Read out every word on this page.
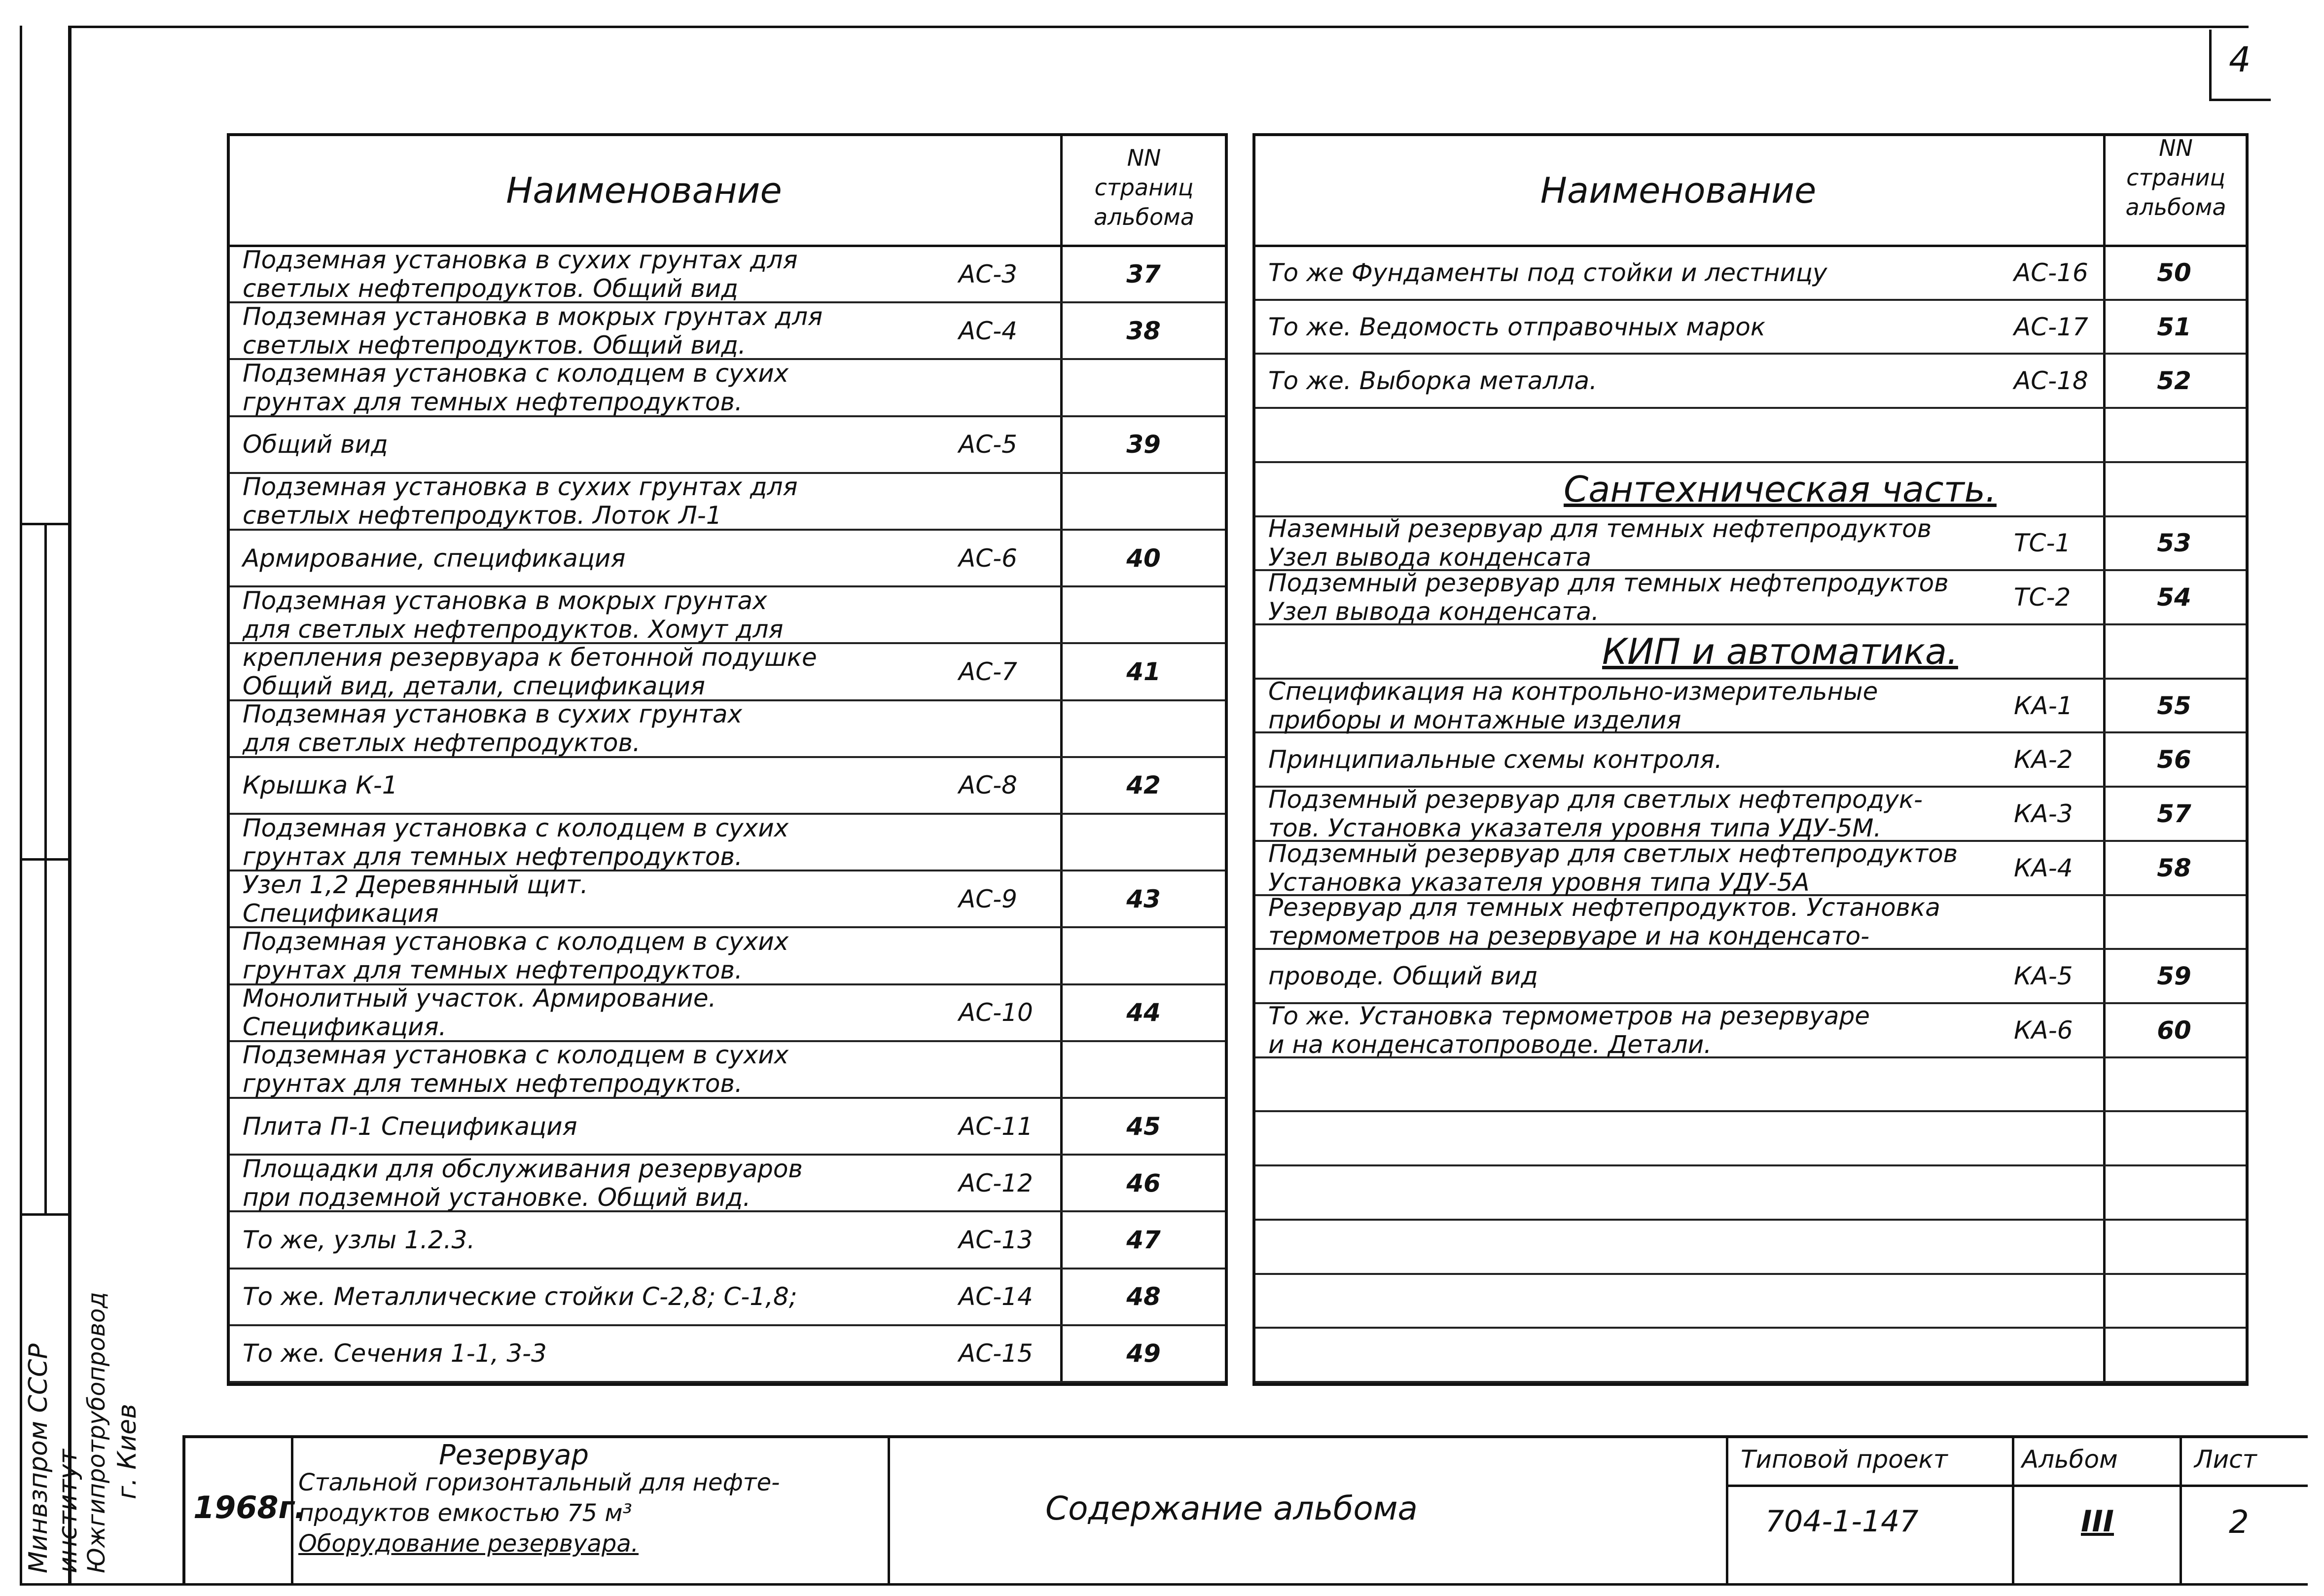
Минвзпром СССР институт Южгипротрубопровод г. Киев
4
Наименование
NN
страниц
альбома
Подземная установка в сухих грунтах для
светлых нефтепродуктов. Общий вид	АС-3	37
Подземная установка в мокрых грунтах для
светлых нефтепродуктов. Общий вид.	АС-4	38
Подземная установка с колодцем в сухих
грунтах для темных нефтепродуктов.
Общий вид	АС-5	39
Подземная установка в сухих грунтах для
светлых нефтепродуктов. Лоток Л-1
Армирование, спецификация	АС-6	40
Подземная установка в мокрых грунтах
для светлых нефтепродуктов. Хомут для
крепления резервуара к бетонной подушке
Общий вид, детали, спецификация	АС-7	41
Подземная установка в сухих грунтах
для светлых нефтепродуктов.
Крышка К-1	АС-8	42
Подземная установка с колодцем в сухих
грунтах для темных нефтепродуктов.
Узел 1,2 Деревянный щит.
Спецификация	АС-9	43
Подземная установка с колодцем в сухих
грунтах для темных нефтепродуктов.
Монолитный участок. Армирование.
Спецификация.	АС-10	44
Подземная установка с колодцем в сухих
грунтах для темных нефтепродуктов.
Плита П-1 Спецификация	АС-11	45
Площадки для обслуживания резервуаров
при подземной установке. Общий вид.	АС-12	46
То же, узлы 1.2.3.	АС-13	47
То же. Металлические стойки С-2,8; С-1,8;	АС-14	48
То же. Сечения 1-1, 3-3	АС-15	49
Наименование
NN
страниц
альбома
То же Фундаменты под стойки и лестницу	АС-16	50
То же. Ведомость отправочных марок	АС-17	51
То же. Выборка металла.	АС-18	52
Сантехническая часть.
Наземный резервуар для темных нефтепродуктов
Узел вывода конденсата
ТС-1	53
Подземный резервуар для темных нефтепродуктов
Узел вывода конденсата.
ТС-2	54
КИП и автоматика.
Спецификация на контрольно-измерительные
приборы и монтажные изделия
КА-1	55
Принципиальные схемы контроля.	КА-2	56
Подземный резервуар для светлых нефтепродук-
тов. Установка указателя уровня типа УДУ-5М.
КА-3	57
Подземный резервуар для светлых нефтепродуктов
Установка указателя уровня типа УДУ-5А
КА-4	58
Резервуар для темных нефтепродуктов. Установка
термометров на резервуаре и на конденсато-
проводе. Общий вид	КА-5	59
То же. Установка термометров на резервуаре
и на конденсатопроводе. Детали.
КА-6	60
1968г.
Резервуар
Стальной горизонтальный для нефте-
продуктов емкостью 75 м³
Оборудование резервуара.
Содержание альбома
Типовой проект
704-1-147
Альбом
III
Лист
2
